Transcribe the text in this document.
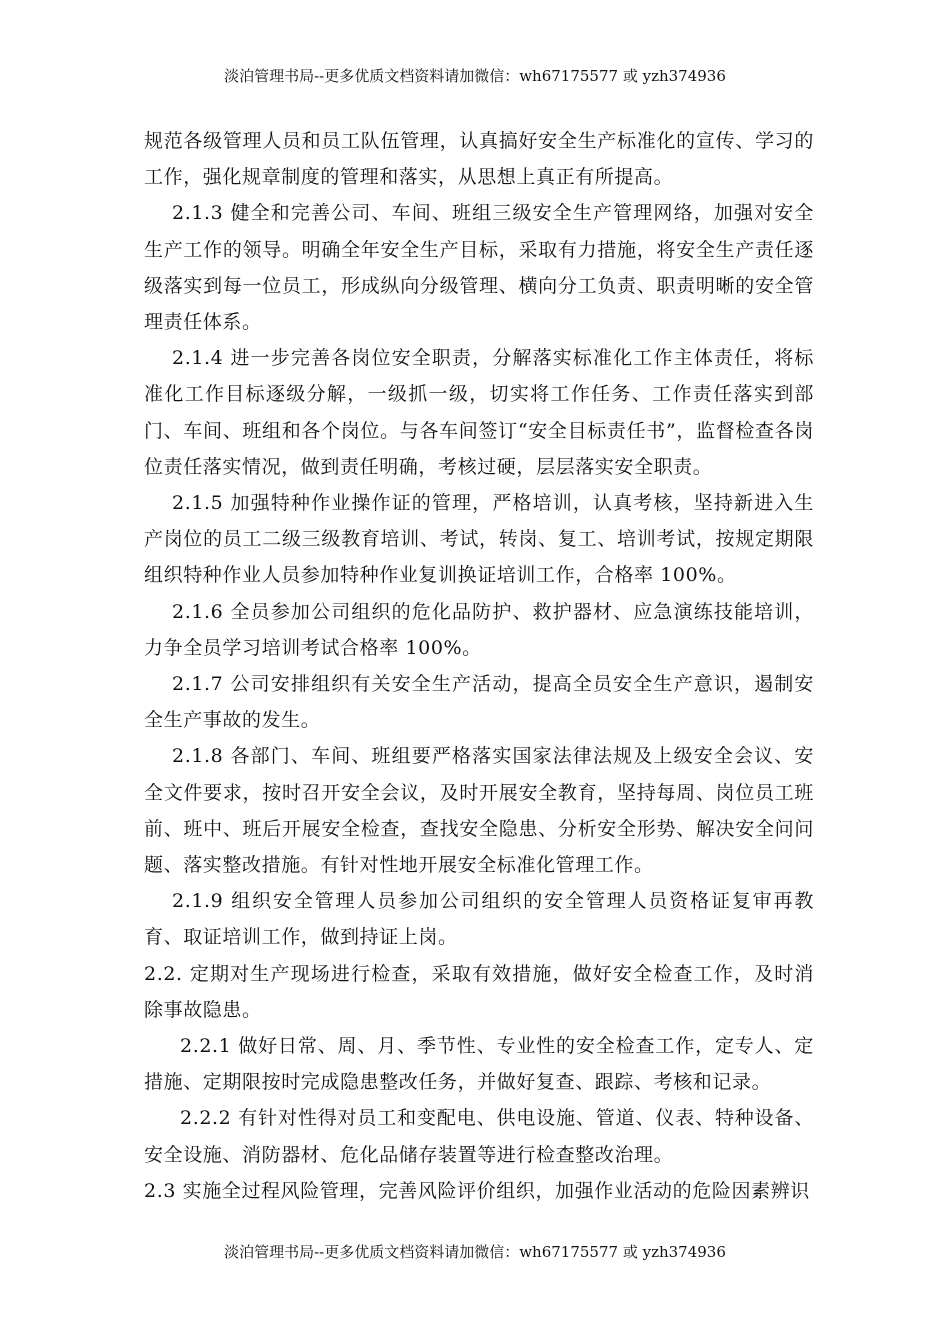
淡泊管理书局--更多优质文档资料请加微信：wh67175577 或 yzh374936

规范各级管理人员和员工队伍管理，认真搞好安全生产标准化的宣传、学习的工作，强化规章制度的管理和落实，从思想上真正有所提高。

2.1.3 健全和完善公司、车间、班组三级安全生产管理网络，加强对安全生产工作的领导。明确全年安全生产目标，采取有力措施，将安全生产责任逐级落实到每一位员工，形成纵向分级管理、横向分工负责、职责明晰的安全管理责任体系。

2.1.4 进一步完善各岗位安全职责，分解落实标准化工作主体责任，将标准化工作目标逐级分解，一级抓一级，切实将工作任务、工作责任落实到部门、车间、班组和各个岗位。与各车间签订“安全目标责任书”，监督检查各岗位责任落实情况，做到责任明确，考核过硬，层层落实安全职责。

2.1.5 加强特种作业操作证的管理，严格培训，认真考核，坚持新进入生产岗位的员工二级三级教育培训、考试，转岗、复工、培训考试，按规定期限组织特种作业人员参加特种作业复训换证培训工作，合格率 100%。

2.1.6 全员参加公司组织的危化品防护、救护器材、应急演练技能培训，力争全员学习培训考试合格率 100%。

2.1.7 公司安排组织有关安全生产活动，提高全员安全生产意识，遏制安全生产事故的发生。

2.1.8 各部门、车间、班组要严格落实国家法律法规及上级安全会议、安全文件要求，按时召开安全会议，及时开展安全教育，坚持每周、岗位员工班前、班中、班后开展安全检查，查找安全隐患、分析安全形势、解决安全问问题、落实整改措施。有针对性地开展安全标准化管理工作。

2.1.9 组织安全管理人员参加公司组织的安全管理人员资格证复审再教育、取证培训工作，做到持证上岗。

2.2. 定期对生产现场进行检查，采取有效措施，做好安全检查工作，及时消除事故隐患。

2.2.1 做好日常、周、月、季节性、专业性的安全检查工作，定专人、定措施、定期限按时完成隐患整改任务，并做好复查、跟踪、考核和记录。

2.2.2 有针对性得对员工和变配电、供电设施、管道、仪表、特种设备、安全设施、消防器材、危化品储存装置等进行检查整改治理。

2.3 实施全过程风险管理，完善风险评价组织，加强作业活动的危险因素辨识

淡泊管理书局--更多优质文档资料请加微信：wh67175577 或 yzh374936
